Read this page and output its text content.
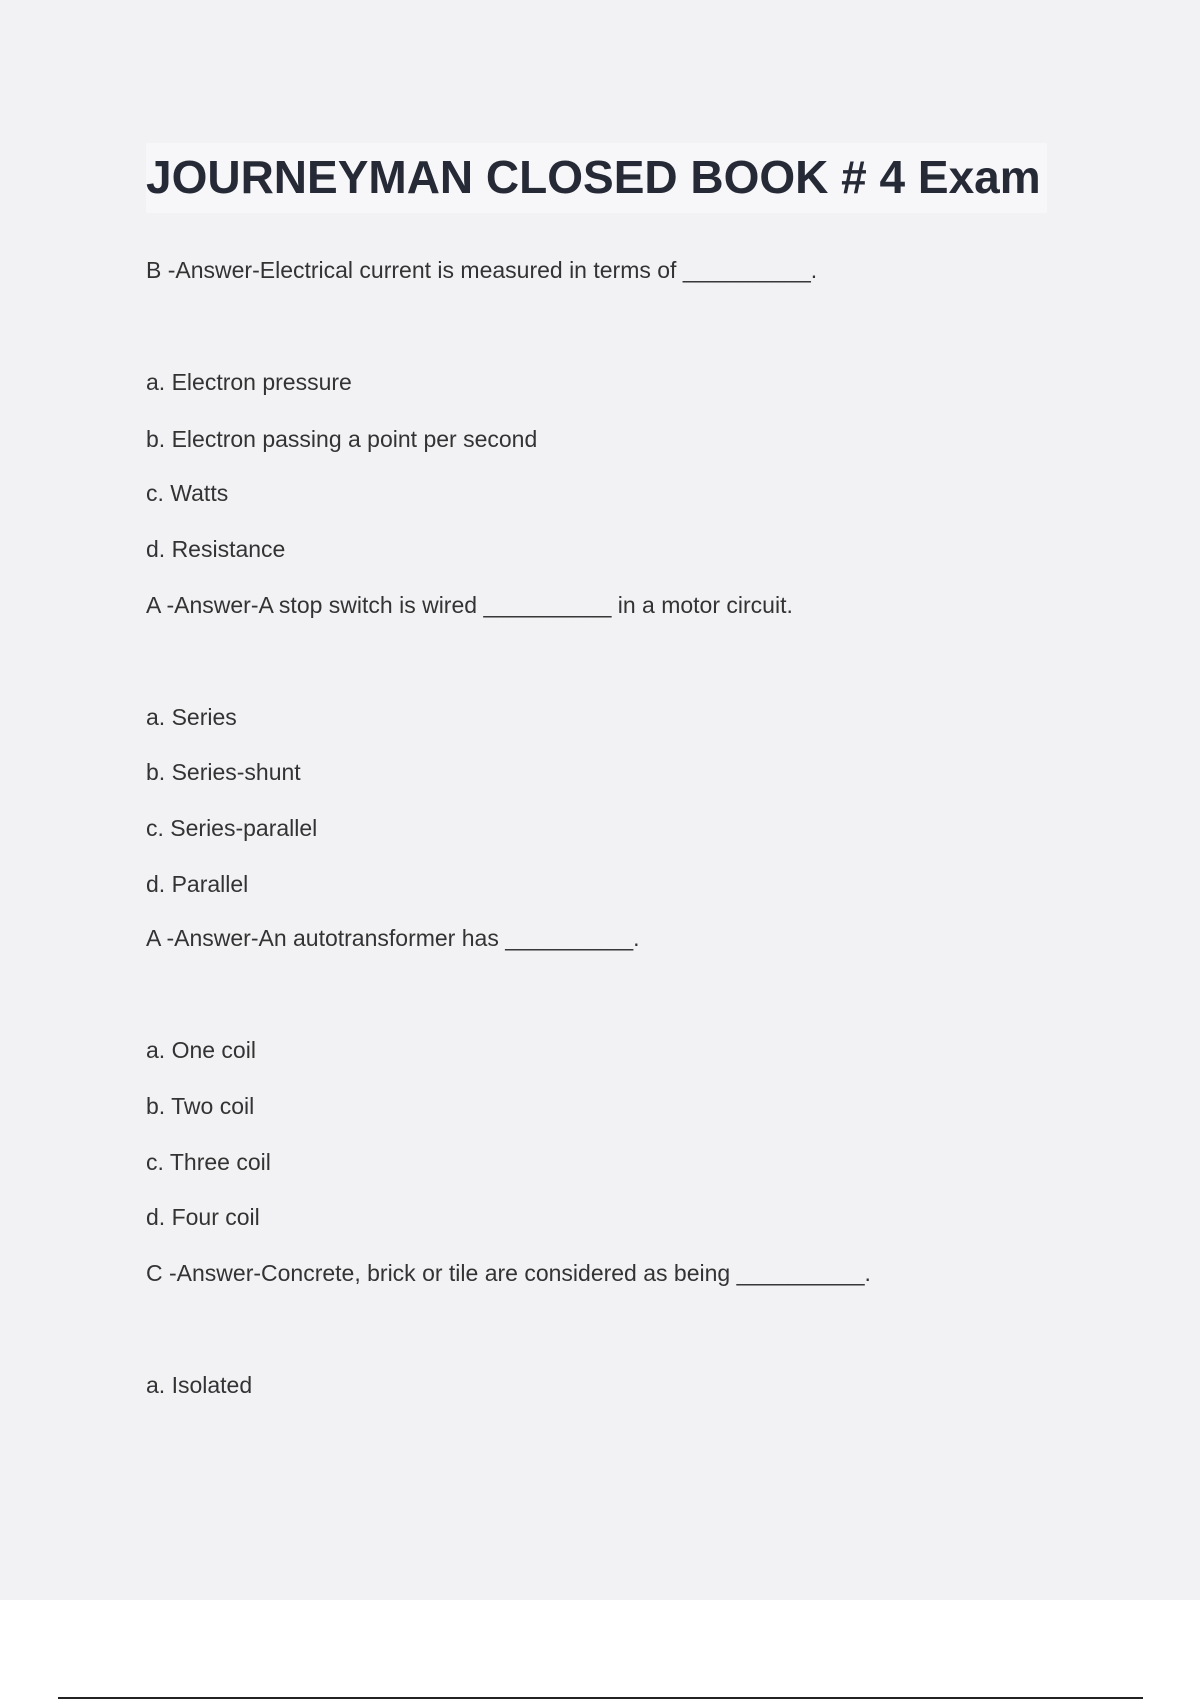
JOURNEYMAN CLOSED BOOK # 4 Exam

B -Answer-Electrical current is measured in terms of __________.

a. Electron pressure

b. Electron passing a point per second

c. Watts

d. Resistance

A -Answer-A stop switch is wired __________ in a motor circuit.

a. Series

b. Series-shunt

c. Series-parallel

d. Parallel

A -Answer-An autotransformer has __________.

a. One coil

b. Two coil

c. Three coil

d. Four coil

C -Answer-Concrete, brick or tile are considered as being __________.

a. Isolated
